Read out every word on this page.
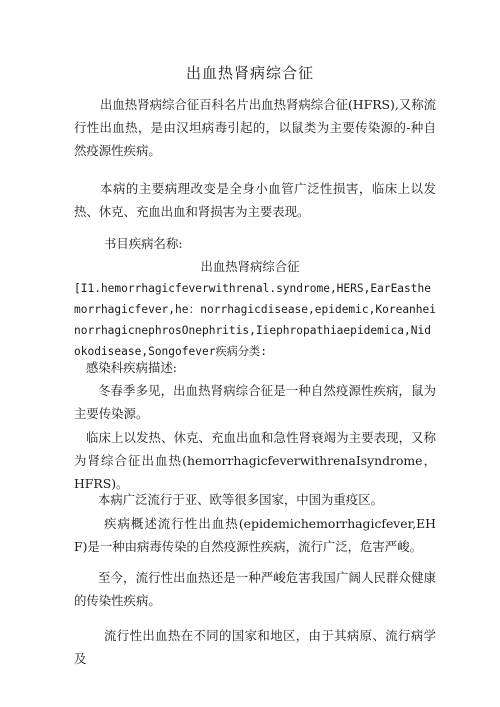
出血热肾病综合征
出血热肾病综合征百科名片出血热肾病综合征(HFRS),又称流行性出血热，是由汉坦病毒引起的，以鼠类为主要传染源的-种自然疫源性疾病。
本病的主要病理改变是全身小血管广泛性损害，临床上以发热、休克、充血出血和肾损害为主要表现。
书目疾病名称:
出血热肾病综合征
[I1.hemorrhagicfeverwithrenal.syndrome,HERS,EarEasthemorrhagicfever,he：norrhagicdisease,epidemic,KoreanheinorrhagicnephrosOnephritis,Iiephropathiaepidemica,Nidokodisease,Songofever疾病分类:
感染科疾病描述:
冬春季多见，出血热肾病综合征是一种自然疫源性疾病，鼠为主要传染源。
临床上以发热、休克、充血出血和急性肾衰竭为主要表现，又称为肾综合征出血热(hemorrhagicfeverwithrenaIsyndrome，HFRS)。
本病广泛流行于亚、欧等很多国家，中国为重疫区。
疾病概述流行性出血热(epidemichemorrhagicfever,EHF)是一种由病毒传染的自然疫源性疾病，流行广泛，危害严峻。
至今，流行性出血热还是一种严峻危害我国广阔人民群众健康的传染性疾病。
流行性出血热在不同的国家和地区，由于其病原、流行病学及
